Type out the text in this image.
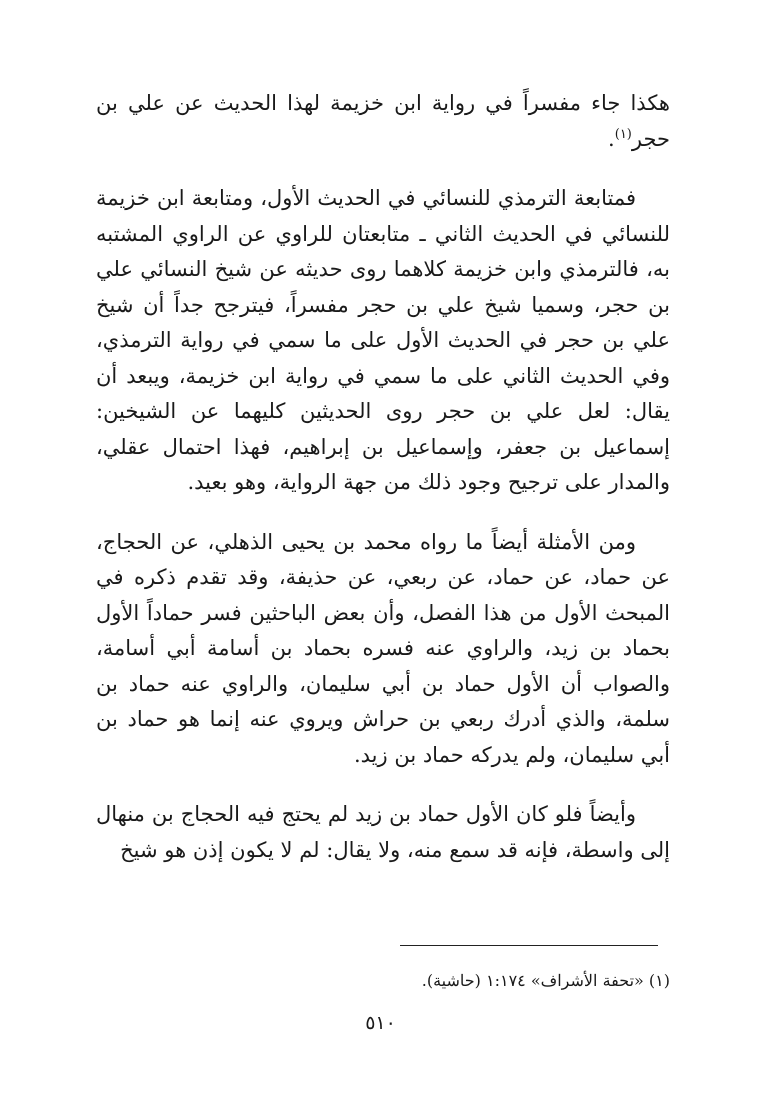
هكذا جاء مفسراً في رواية ابن خزيمة لهذا الحديث عن علي بن حجر$^{(١)}$.

فمتابعة الترمذي للنسائي في الحديث الأول، ومتابعة ابن خزيمة للنسائي في الحديث الثاني ـ متابعتان للراوي عن الراوي المشتبه به، فالترمذي وابن خزيمة كلاهما روى حديثه عن شيخ النسائي علي بن حجر، وسميا شيخ علي بن حجر مفسراً، فيترجح جداً أن شيخ علي بن حجر في الحديث الأول على ما سمي في رواية الترمذي، وفي الحديث الثاني على ما سمي في رواية ابن خزيمة، ويبعد أن يقال: لعل علي بن حجر روى الحديثين كليهما عن الشيخين: إسماعيل بن جعفر، وإسماعيل بن إبراهيم، فهذا احتمال عقلي، والمدار على ترجيح وجود ذلك من جهة الرواية، وهو بعيد.

ومن الأمثلة أيضاً ما رواه محمد بن يحيى الذهلي، عن الحجاج، عن حماد، عن حماد، عن ربعي، عن حذيفة، وقد تقدم ذكره في المبحث الأول من هذا الفصل، وأن بعض الباحثين فسر حماداً الأول بحماد بن زيد، والراوي عنه فسره بحماد بن أسامة أبي أسامة، والصواب أن الأول حماد بن أبي سليمان، والراوي عنه حماد بن سلمة، والذي أدرك ربعي بن حراش ويروي عنه إنما هو حماد بن أبي سليمان، ولم يدركه حماد بن زيد.

وأيضاً فلو كان الأول حماد بن زيد لم يحتج فيه الحجاج بن منهال إلى واسطة، فإنه قد سمع منه، ولا يقال: لم لا يكون إذن هو شيخ

(١) «تحفة الأشراف» ١:١٧٤ (حاشية).
٥١٠
